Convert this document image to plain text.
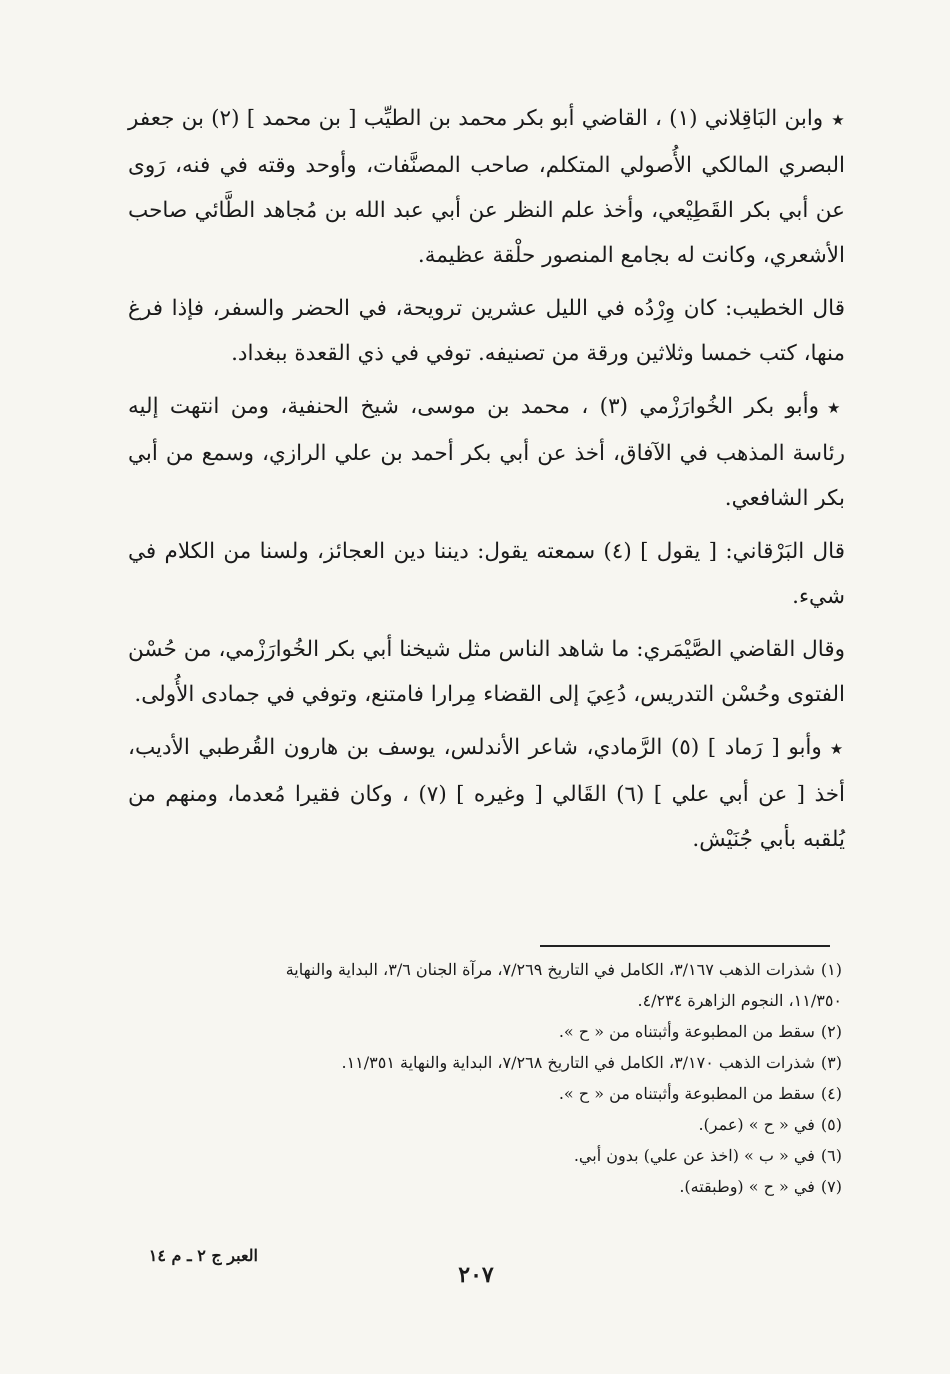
★وابن البَاقِلاني (١) ، القاضي أبو بكر محمد بن الطيِّب [ بن محمد ] (٢) بن جعفر البصري المالكي الأُصولي المتكلم، صاحب المصنَّفات، وأوحد وقته في فنه، رَوى عن أبي بكر القَطِيْعي، وأخذ علم النظر عن أبي عبد الله بن مُجاهد الطَّائي صاحب الأشعري، وكانت له بجامع المنصور حلْقة عظيمة.

قال الخطيب: كان وِرْدُه في الليل عشرين ترويحة، في الحضر والسفر، فإذا فرغ منها، كتب خمسا وثلاثين ورقة من تصنيفه. توفي في ذي القعدة ببغداد.

★وأبو بكر الخُوارَزْمي (٣) ، محمد بن موسى، شيخ الحنفية، ومن انتهت إليه رئاسة المذهب في الآفاق، أخذ عن أبي بكر أحمد بن علي الرازي، وسمع من أبي بكر الشافعي.

قال البَرْقاني: [ يقول ] (٤) سمعته يقول: ديننا دين العجائز، ولسنا من الكلام في شيء.

وقال القاضي الصَّيْمَري: ما شاهد الناس مثل شيخنا أبي بكر الخُوارَزْمي، من حُسْن الفتوى وحُسْن التدريس، دُعِيَ إلى القضاء مِرارا فامتنع، وتوفي في جمادى الأُولى.

★وأبو [ رَماد ] (٥) الرَّمادي، شاعر الأندلس، يوسف بن هارون القُرطبي الأديب، أخذ [ عن أبي علي ] (٦) القَالي [ وغيره ] (٧) ، وكان فقيرا مُعدما، ومنهم من يُلقبه بأبي جُنَيْش.

(١)شذرات الذهب ٣/١٦٧، الكامل في التاريخ ٧/٢٦٩، مرآة الجنان ٣/٦، البداية والنهاية

١١/٣٥٠، النجوم الزاهرة ٤/٢٣٤.

(٢)سقط من المطبوعة وأثبتناه من « ح ».

(٣)شذرات الذهب ٣/١٧٠، الكامل في التاريخ ٧/٢٦٨، البداية والنهاية ١١/٣٥١.

(٤)سقط من المطبوعة وأثبتناه من « ح ».

(٥)في « ح » (عمر).

(٦)في « ب » (اخذ عن علي) بدون أبي.

(٧)في « ح » (وطبقته).

العبر ج ٢ ـ م ١٤
٢٠٧
